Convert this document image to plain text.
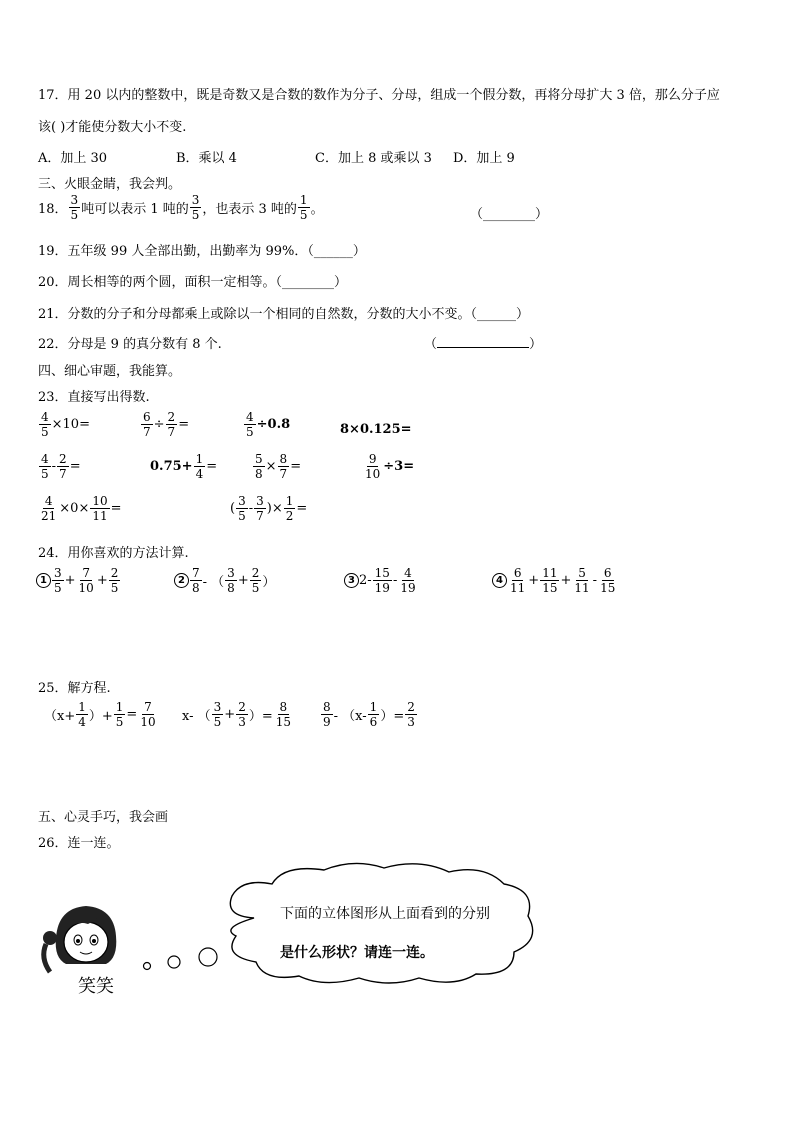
17．用 20 以内的整数中，既是奇数又是合数的数作为分子、分母，组成一个假分数，再将分母扩大 3 倍，那么分子应
该( )才能使分数大小不变.
A．加上 30	B．乘以 4	C．加上 8 或乘以 3 D．加上 9
三、火眼金睛，我会判。
18． $\frac{3}{5}$ 吨可以表示 1 吨的 $\frac{3}{5}$ ，也表示 3 吨的 $\frac{1}{5}$ 。	（________）
19．五年级 99 人全部出勤，出勤率为 99%．（______）
20．周长相等的两个圆，面积一定相等。（________）
21．分数的分子和分母都乘上或除以一个相同的自然数，分数的大小不变。（______）
22．分母是 9 的真分数有 8 个.	（	）
四、细心审题，我能算。
23．直接写出得数.
$\frac{4}{5} \times 10=$	$\frac{6}{7} \div \frac{2}{7}$ =	$\frac{4}{5} \div 0.8$	8×0.125=
$\frac{4}{5} - \frac{2}{7}$ =	$0.75+ \frac{1}{4}$ =	$\frac{5}{8} \times \frac{8}{7}$ =	$\frac{9}{10} \div 3=$
$\frac{4}{21} \times 0\times \frac{10}{11}$ =	( $\frac{3}{5} - \frac{3}{7}$ )× $\frac{1}{2}$ =
24．用你喜欢的方法计算.
$1 \frac{3}{5} + \frac{7}{10} + \frac{2}{5}$	$2 \frac{7}{8}$ - （ $\frac{3}{8} + \frac{2}{5}$ ）	3 $2- \frac{15}{19} - \frac{4}{19}$	$4 \frac{6}{11} + \frac{11}{15} + \frac{5}{11} - \frac{6}{15}$
25．解方程.
（$x+ \frac{1}{4}$ ）+ $\frac{1}{5} = \frac{7}{10} x-$ （ $\frac{3}{5} + \frac{2}{3}$ ）= $\frac{8}{15} \frac{8}{9} - (x- \frac{1}{6}$ ）= $\frac{2}{3}$
五、心灵手巧，我会画
26．连一连。
笑笑
下面的立体图形从上面看到的分别
是什么形状？请连一连。
